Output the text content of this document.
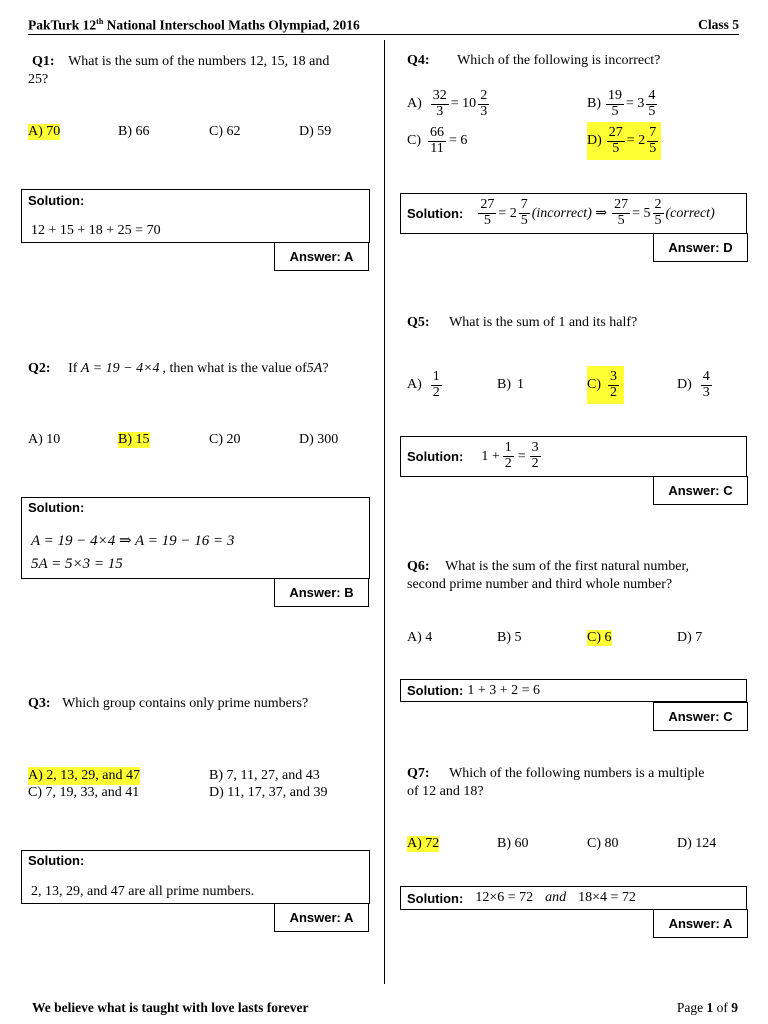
PakTurk 12th National Interschool Maths Olympiad, 2016	Class 5
Q1: What is the sum of the numbers 12, 15, 18 and
25?
A) 70	B) 66	C) 62	D) 59
Solution:
12 + 15 + 18 + 25 = 70
Answer: A
Q2: If A = 19 − 4×4 , then what is the value of5A?
A) 10	B) 15	C) 20	D) 300
Solution:
A = 19 − 4×4 ⇒ A = 19 − 16 = 3
5A = 5×3 = 15
Answer: B
Q3: Which group contains only prime numbers?
A) 2, 13, 29, and 47	B) 7, 11, 27, and 43
C) 7, 19, 33, and 41	D) 11, 17, 37, and 39
Solution:
2, 13, 29, and 47 are all prime numbers.
Answer: A
Q4: Which of the following is incorrect?
$A) \frac{32}{3} = 10 \frac{2}{3}$	$B) \frac{19}{5} = 3 \frac{4}{5}$
$C) \frac{66}{11} = 6$	$D) \frac{27}{5} = 2 \frac{7}{5}$
Solution: $\frac{27}{5} = 2 \frac{7}{5}$ (incorrect) ⇒ $\frac{27}{5} = 5 \frac{2}{5}$ (correct)
Answer: D
Q5: What is the sum of 1 and its half?
$A) \frac{1}{2}$	B) 1	$C) \frac{3}{2}$	$D) \frac{4}{3}$
Solution: $1 + \frac{1}{2} = \frac{3}{2}$
Answer: C
Q6: What is the sum of the first natural number,
second prime number and third whole number?
A) 4	B) 5	C) 6	D) 7
Solution: 1 + 3 + 2 = 6
Answer: C
Q7: Which of the following numbers is a multiple
of 12 and 18?
A) 72	B) 60	C) 80	D) 124
Solution: 12×6 = 72 and 18×4 = 72
Answer: A
We believe what is taught with love lasts forever	Page 1 of 9
